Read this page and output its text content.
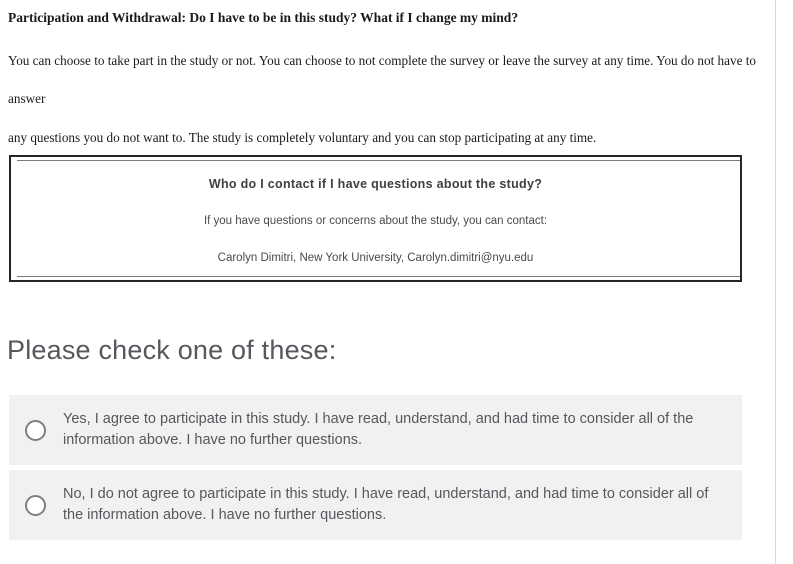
Participation and Withdrawal: Do I have to be in this study? What if I change my mind?

You can choose to take part in the study or not. You can choose to not complete the survey or leave the survey at any time. You do not have to answer

any questions you do not want to. The study is completely voluntary and you can stop participating at any time.

Who do I contact if I have questions about the study?
If you have questions or concerns about the study, you can contact:
Carolyn Dimitri, New York University, Carolyn.dimitri@nyu.edu
Please check one of these:
Yes, I agree to participate in this study. I have read, understand, and had time to consider all of the information above. I have no further questions.
No, I do not agree to participate in this study. I have read, understand, and had time to consider all of the information above. I have no further questions.
